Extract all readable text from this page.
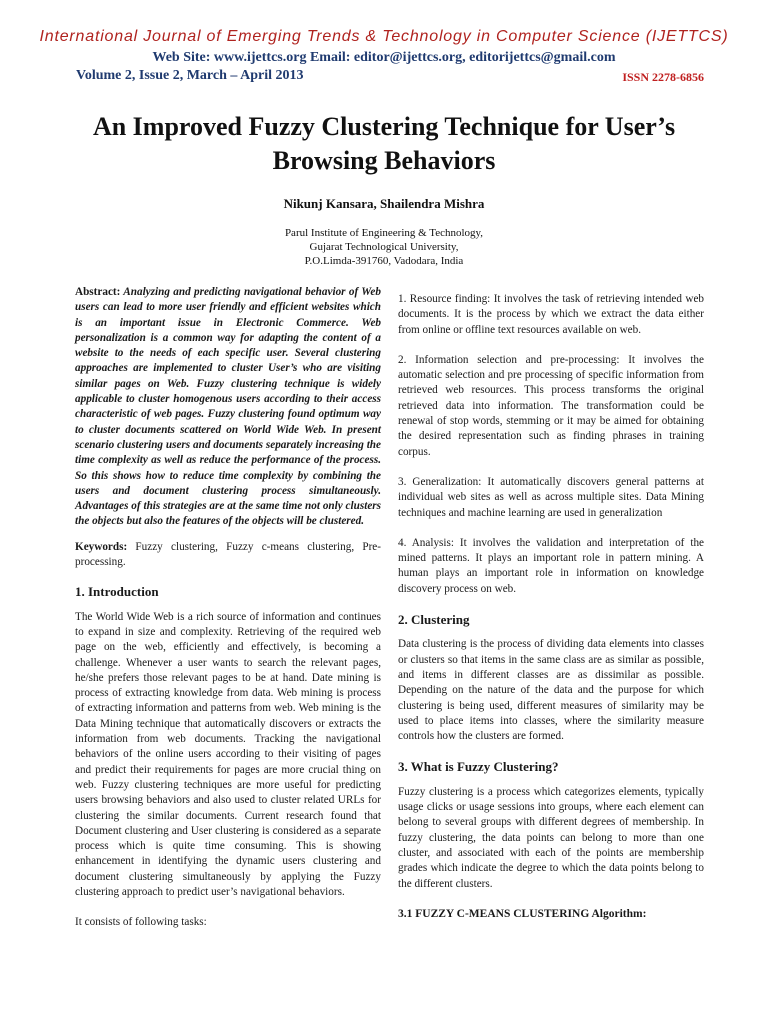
International Journal of Emerging Trends & Technology in Computer Science (IJETTCS)
Web Site: www.ijettcs.org Email: editor@ijettcs.org, editorijettcs@gmail.com
Volume 2, Issue 2, March – April 2013	ISSN 2278-6856
An Improved Fuzzy Clustering Technique for User’s Browsing Behaviors
Nikunj Kansara, Shailendra Mishra
Parul Institute of Engineering & Technology,
Gujarat Technological University,
P.O.Limda-391760, Vadodara, India

Abstract: Analyzing and predicting navigational behavior of Web users can lead to more user friendly and efficient websites which is an important issue in Electronic Commerce. Web personalization is a common way for adapting the content of a website to the needs of each specific user. Several clustering approaches are implemented to cluster User’s who are visiting similar pages on Web. Fuzzy clustering technique is widely applicable to cluster homogenous users according to their access characteristic of web pages. Fuzzy clustering found optimum way to cluster documents scattered on World Wide Web. In present scenario clustering users and documents separately increasing the time complexity as well as reduce the performance of the process. So this shows how to reduce time complexity by combining the users and document clustering process simultaneously. Advantages of this strategies are at the same time not only clusters the objects but also the features of the objects will be clustered.

Keywords: Fuzzy clustering, Fuzzy c-means clustering, Pre-processing.

1. Introduction

The World Wide Web is a rich source of information and continues to expand in size and complexity. Retrieving of the required web page on the web, efficiently and effectively, is becoming a challenge. Whenever a user wants to search the relevant pages, he/she prefers those relevant pages to be at hand. Date mining is process of extracting knowledge from data. Web mining is process of extracting information and patterns from web. Web mining is the Data Mining technique that automatically discovers or extracts the information from web documents. Tracking the navigational behaviors of the online users according to their visiting of pages and predict their requirements for pages are more crucial thing on web. Fuzzy clustering techniques are more useful for predicting users browsing behaviors and also used to cluster related URLs for clustering the similar documents. Current research found that Document clustering and User clustering is considered as a separate process which is quite time consuming. This is showing enhancement in identifying the dynamic users clustering and document clustering simultaneously by applying the Fuzzy clustering approach to predict user’s navigational behaviors.

It consists of following tasks:

1. Resource finding: It involves the task of retrieving intended web documents. It is the process by which we extract the data either from online or offline text resources available on web.

2. Information selection and pre-processing: It involves the automatic selection and pre processing of specific information from retrieved web resources. This process transforms the original retrieved data into information. The transformation could be renewal of stop words, stemming or it may be aimed for obtaining the desired representation such as finding phrases in training corpus.

3. Generalization: It automatically discovers general patterns at individual web sites as well as across multiple sites. Data Mining techniques and machine learning are used in generalization

4. Analysis: It involves the validation and interpretation of the mined patterns. It plays an important role in pattern mining. A human plays an important role in information on knowledge discovery process on web.

2. Clustering

Data clustering is the process of dividing data elements into classes or clusters so that items in the same class are as similar as possible, and items in different classes are as dissimilar as possible. Depending on the nature of the data and the purpose for which clustering is being used, different measures of similarity may be used to place items into classes, where the similarity measure controls how the clusters are formed.

3. What is Fuzzy Clustering?

Fuzzy clustering is a process which categorizes elements, typically usage clicks or usage sessions into groups, where each element can belong to several groups with different degrees of membership. In fuzzy clustering, the data points can belong to more than one cluster, and associated with each of the points are membership grades which indicate the degree to which the data points belong to the different clusters.

3.1 FUZZY C-MEANS CLUSTERING Algorithm:
